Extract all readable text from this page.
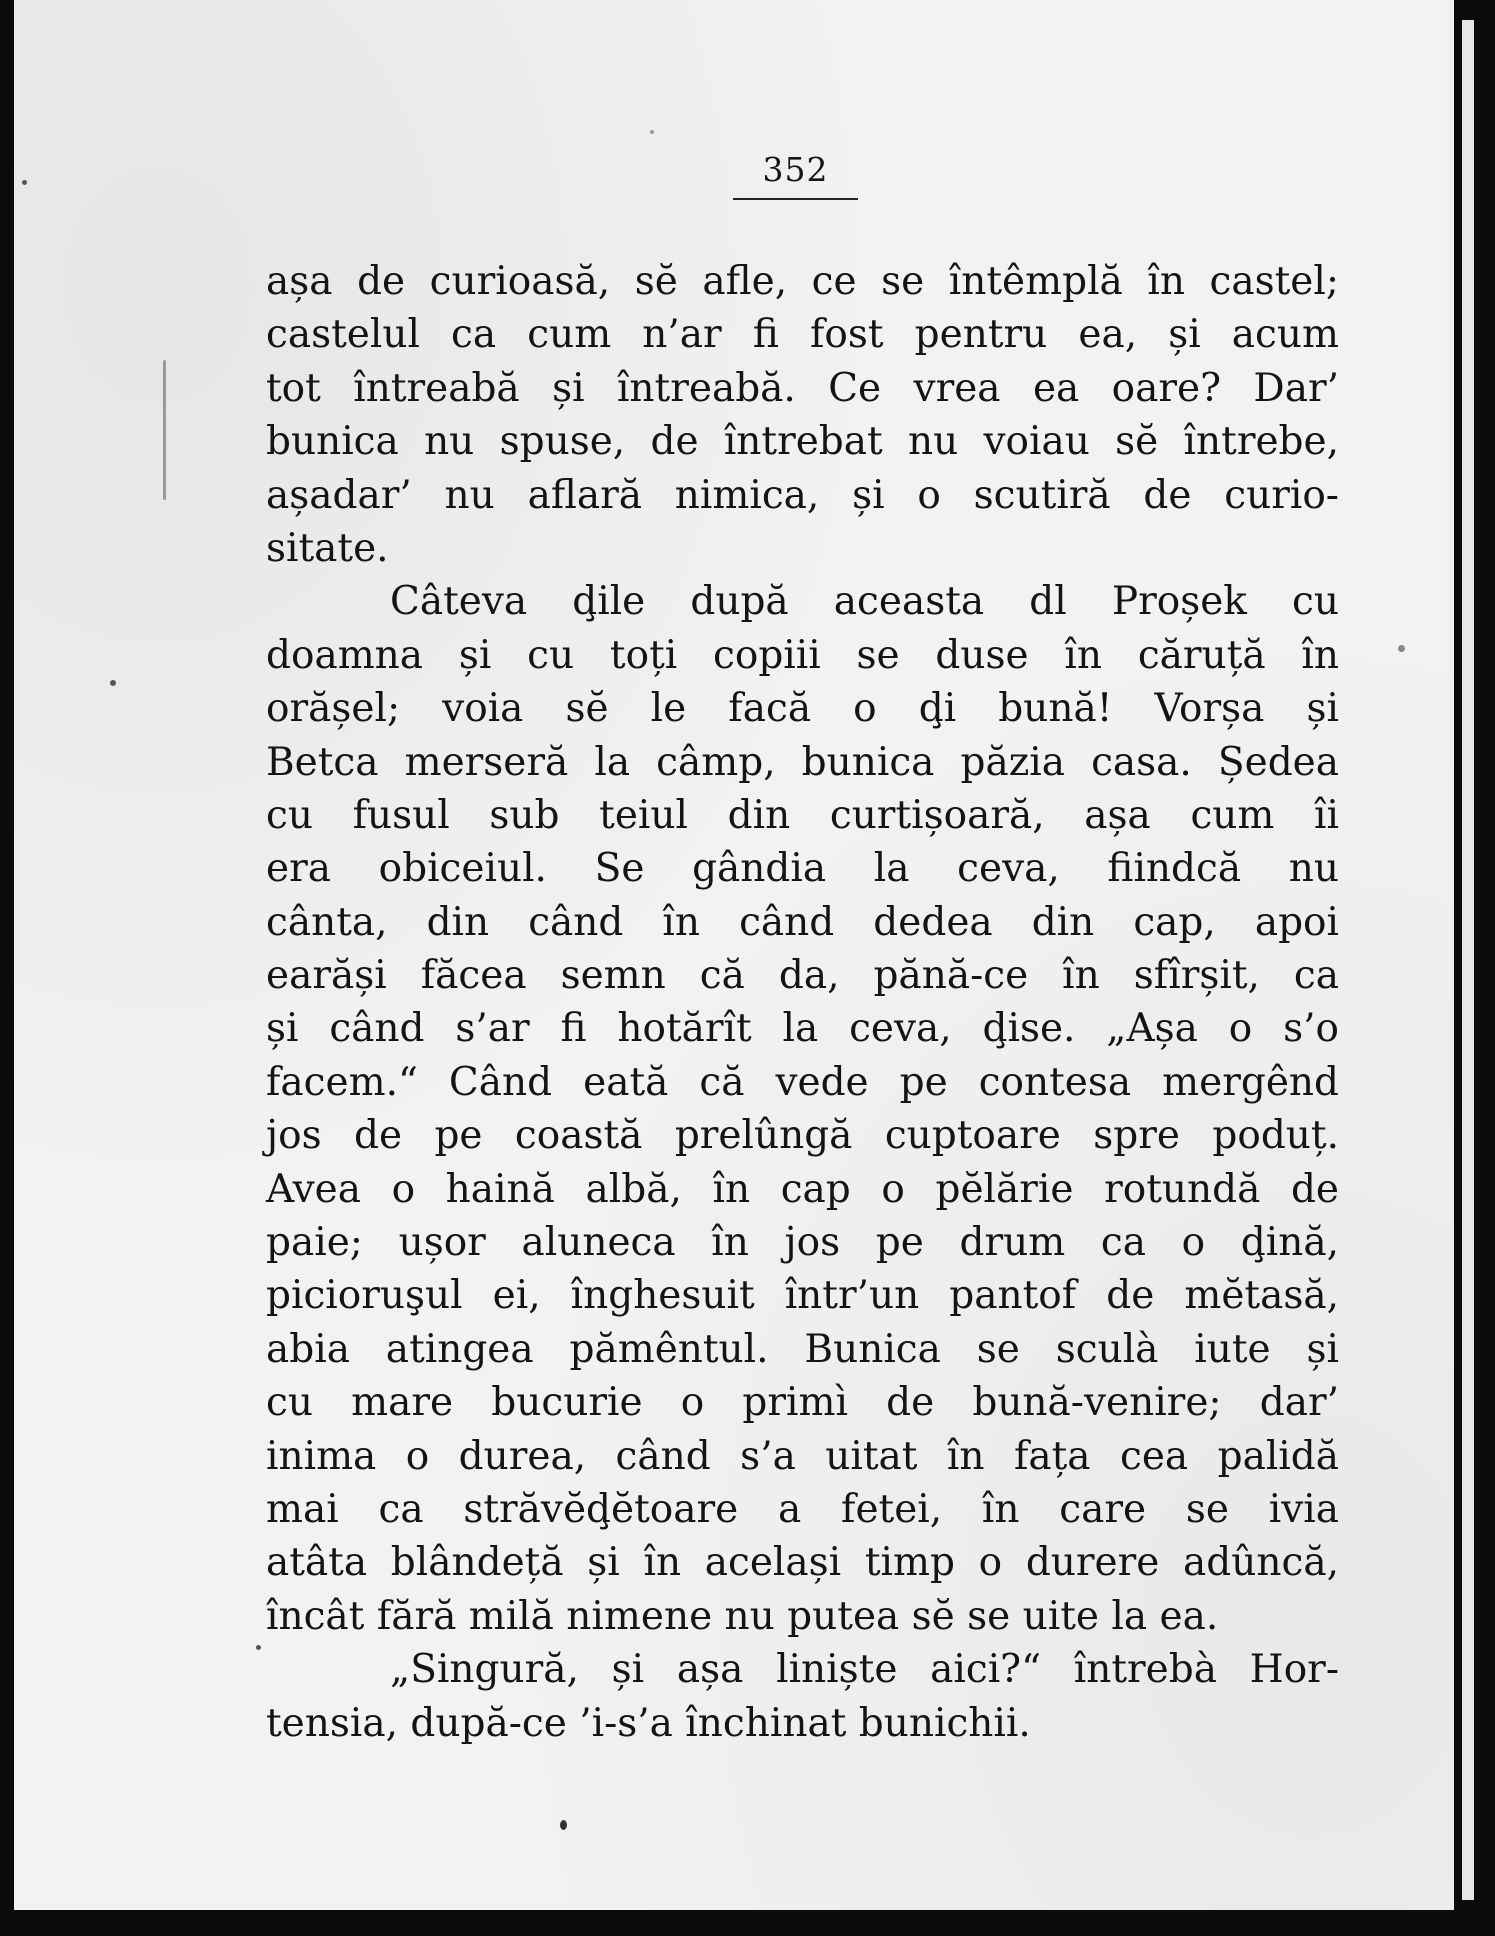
352
așa de curioasă, sĕ afle, ce se întêmplă în castel;
castelul ca cum n’ar fi fost pentru ea, și acum
tot întreabă și întreabă. Ce vrea ea oare? Dar’
bunica nu spuse, de întrebat nu voiau sĕ întrebe,
așadar’ nu aflară nimica, și o scutiră de curio-
sitate.
Câteva ḑile după aceasta dl Proșek cu
doamna și cu toți copiii se duse în căruță în
orășel; voia sĕ le facă o ḑi bună! Vorșa și
Betca merseră la câmp, bunica păzia casa. Ședea
cu fusul sub teiul din curtișoară, așa cum îi
era obiceiul. Se gândia la ceva, fiindcă nu
cânta, din când în când dedea din cap, apoi
earăși făcea semn că da, pănă-ce în sfîrșit, ca
și când s’ar fi hotărît la ceva, ḑise. „Așa o s’o
facem.“ Când eată că vede pe contesa mergênd
jos de pe coastă prelûngă cuptoare spre poduț.
Avea o haină albă, în cap o pĕlărie rotundă de
paie; ușor aluneca în jos pe drum ca o ḑină,
picioruşul ei, înghesuit într’un pantof de mĕtasă,
abia atingea pămêntul. Bunica se sculà iute și
cu mare bucurie o primì de bună-venire; dar’
inima o durea, când s’a uitat în fața cea palidă
mai ca străvĕḑĕtoare a fetei, în care se ivia
atâta blândeță și în același timp o durere adûncă,
încât fără milă nimene nu putea sĕ se uite la ea.
„Singură, și așa liniște aici?“ întrebà Hor-
tensia, după-ce ’i-s’a închinat bunichii.
